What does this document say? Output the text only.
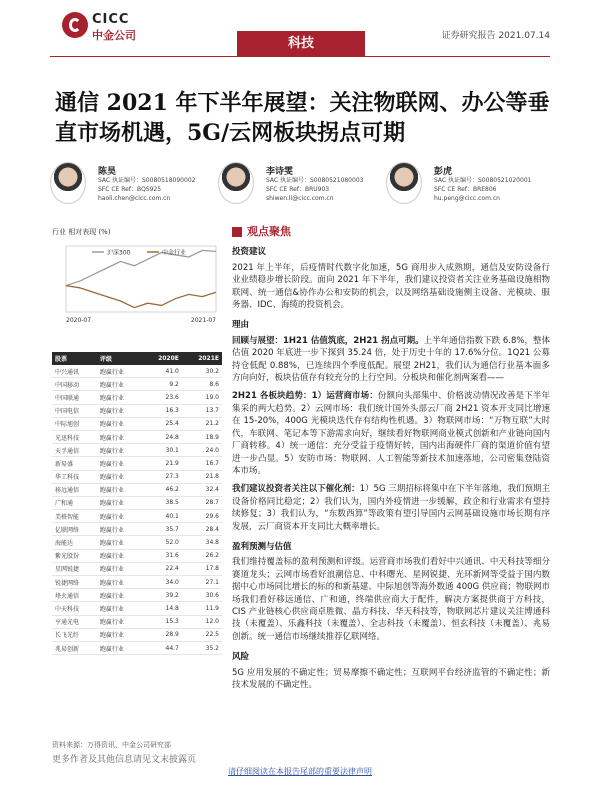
CICC
中金公司
科技	证券研究报告 2021.07.14
通信 2021 年下半年展望：关注物联网、办公等垂直市场机遇，5G/云网板块拐点可期
陈昊
SAC 执证编号：S0080518090002
SFC CE Ref：BQS925
haoli.chen@cicc.com.cn
李诗雯
SAC 执证编号：S0080521080003
SFC CE Ref：BRU903
shiwen.li@cicc.com.cn
彭虎
SAC 执证编号：S0080521020001
SFC CE Ref：BRE806
hu.peng@cicc.com.cn
行业 相对表现 (%)
沪深300	中金行业
2020-07	2021-07
股票	评级	2020E	2021E
中兴通讯	跑赢行业	41.0	30.2
中国移动	跑赢行业	9.2	8.6
中国联通	跑赢行业	23.6	19.0
中国电信	跑赢行业	16.3	13.7
中际旭创	跑赢行业	25.4	21.2
光迅科技	跑赢行业	24.8	18.9
天孚通信	跑赢行业	30.1	24.0
新易盛	跑赢行业	21.9	16.7
华工科技	跑赢行业	27.3	21.8
移远通信	跑赢行业	46.2	32.4
广和通	跑赢行业	38.5	28.7
美格智能	跑赢行业	40.1	29.6
亿联网络	跑赢行业	35.7	28.4
海能达	跑赢行业	52.0	34.8
紫光股份	跑赢行业	31.6	26.2
星网锐捷	跑赢行业	22.4	17.8
锐捷网络	跑赢行业	34.0	27.1
烽火通信	跑赢行业	39.2	30.6
中天科技	跑赢行业	14.8	11.9
亨通光电	跑赢行业	15.3	12.0
长飞光纤	跑赢行业	28.9	22.5
兆易创新	跑赢行业	44.7	35.2
资料来源：万得资讯，中金公司研究部
更多作者及其他信息请见文末披露页
观点聚焦
投资建议

2021 年上半年，后疫情时代数字化加速，5G 商用步入成熟期，通信及安防设备行业业绩稳步增长阶段。面向 2021 年下半年，我们建议投资者关注业务基础设施相物联网、统一通信&协作办公和安防的机会，以及网络基础设施侧主设备、光模块、服务器、IDC、海缆的投资机会。

理由

回顾与展望：1H21 估值筑底，2H21 拐点可期。上半年通信指数下跌 6.8%，整体估值 2020 年底进一步下探到 35.24 倍，处于历史十年的 17.6%分位。1Q21 公募持仓低配 0.88%，已连续四个季度低配。展望 2H21，我们认为通信行业基本面多方向向好，板块估值存有较充分的上行空间。分板块和催化剂两案看——

2H21 各板块趋势：1）运营商市场：份额向头部集中、价格波动情况改善是下半年集采的两大趋势。2）云网市场：我们统计国外头部云厂商 2H21 资本开支同比增速在 15-20%，400G 光模块迭代存有结构性机遇。3）物联网市场：“万物互联”大时代，车联网、笔记本等下游需求向好，继续看好物联网商业模式创新和产业链向国内厂商转移。4）统一通信：充分受益于疫情好转，国内出海硬件厂商的渠道价值有望进一步凸显。5）安防市场：物联网、人工智能等新技术加速落地，公司密集登陆资本市场。

我们建议投资者关注以下催化剂：1）5G 三期招标将集中在下半年落地，我们预期主设备价格同比稳定；2）我们认为，国内外疫情进一步缓解，政企和行业需求有望持续修复；3）我们认为，“东数西算”等政策有望引导国内云网基础设施市场长期有序发展，云厂商资本开支同比大概率增长。

盈利预测与估值

我们维持覆盖标的盈利预测和评级。运营商市场我们看好中兴通讯、中天科技等细分赛道龙头；云网市场看好浪潮信息、中科曙光、星网锐捷、光环新网等受益于国内数据中心市场同比增长的标的和新基建、中际旭创等海外数通 400G 供应商；物联网市场我们看好移远通信、广和通，终端供应商大于配件，解决方案提供商于方科技，CIS 产业链核心供应商卓胜微、晶方科技、华天科技等，物联网芯片建议关注博通科技（未覆盖）、乐鑫科技（未覆盖）、全志科技（未覆盖）、恒玄科技（未覆盖）、兆易创新。统一通信市场继续推荐亿联网络。

风险

5G 应用发展的不确定性；贸易摩擦不确定性；互联网平台经济监管的不确定性；新技术发展的不确定性。

请仔细阅读在本报告尾部的重要法律声明
